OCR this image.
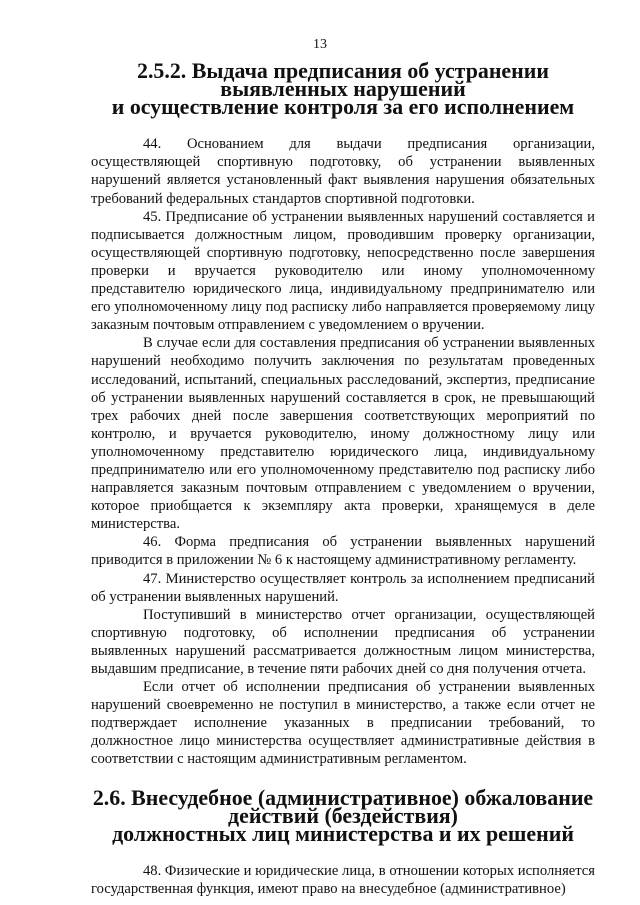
13
2.5.2. Выдача предписания об устранении выявленных нарушений
и осуществление контроля за его исполнением

44. Основанием для выдачи предписания организации, осуществляющей спортивную подготовку, об устранении выявленных нарушений является установленный факт выявления нарушения обязательных требований федеральных стандартов спортивной подготовки.

45. Предписание об устранении выявленных нарушений составляется и подписывается должностным лицом, проводившим проверку организации, осуществляющей спортивную подготовку, непосредственно после завершения проверки и вручается руководителю или иному уполномоченному представителю юридического лица, индивидуальному предпринимателю или его уполномоченному лицу под расписку либо направляется проверяемому лицу заказным почтовым отправлением с уведомлением о вручении.

В случае если для составления предписания об устранении выявленных нарушений необходимо получить заключения по результатам проведенных исследований, испытаний, специальных расследований, экспертиз, предписание об устранении выявленных нарушений составляется в срок, не превышающий трех рабочих дней после завершения соответствующих мероприятий по контролю, и вручается руководителю, иному должностному лицу или уполномоченному представителю юридического лица, индивидуальному предпринимателю или его уполномоченному представителю под расписку либо направляется заказным почтовым отправлением с уведомлением о вручении, которое приобщается к экземпляру акта проверки, хранящемуся в деле министерства.

46. Форма предписания об устранении выявленных нарушений приводится в приложении № 6 к настоящему административному регламенту.

47. Министерство осуществляет контроль за исполнением предписаний об устранении выявленных нарушений.

Поступивший в министерство отчет организации, осуществляющей спортивную подготовку, об исполнении предписания об устранении выявленных нарушений рассматривается должностным лицом министерства, выдавшим предписание, в течение пяти рабочих дней со дня получения отчета.

Если отчет об исполнении предписания об устранении выявленных нарушений своевременно не поступил в министерство, а также если отчет не подтверждает исполнение указанных в предписании требований, то должностное лицо министерства осуществляет административные действия в соответствии с настоящим административным регламентом.

2.6. Внесудебное (административное) обжалование действий (бездействия)
должностных лиц министерства и их решений

48. Физические и юридические лица, в отношении которых исполняется государственная функция, имеют право на внесудебное (административное)
